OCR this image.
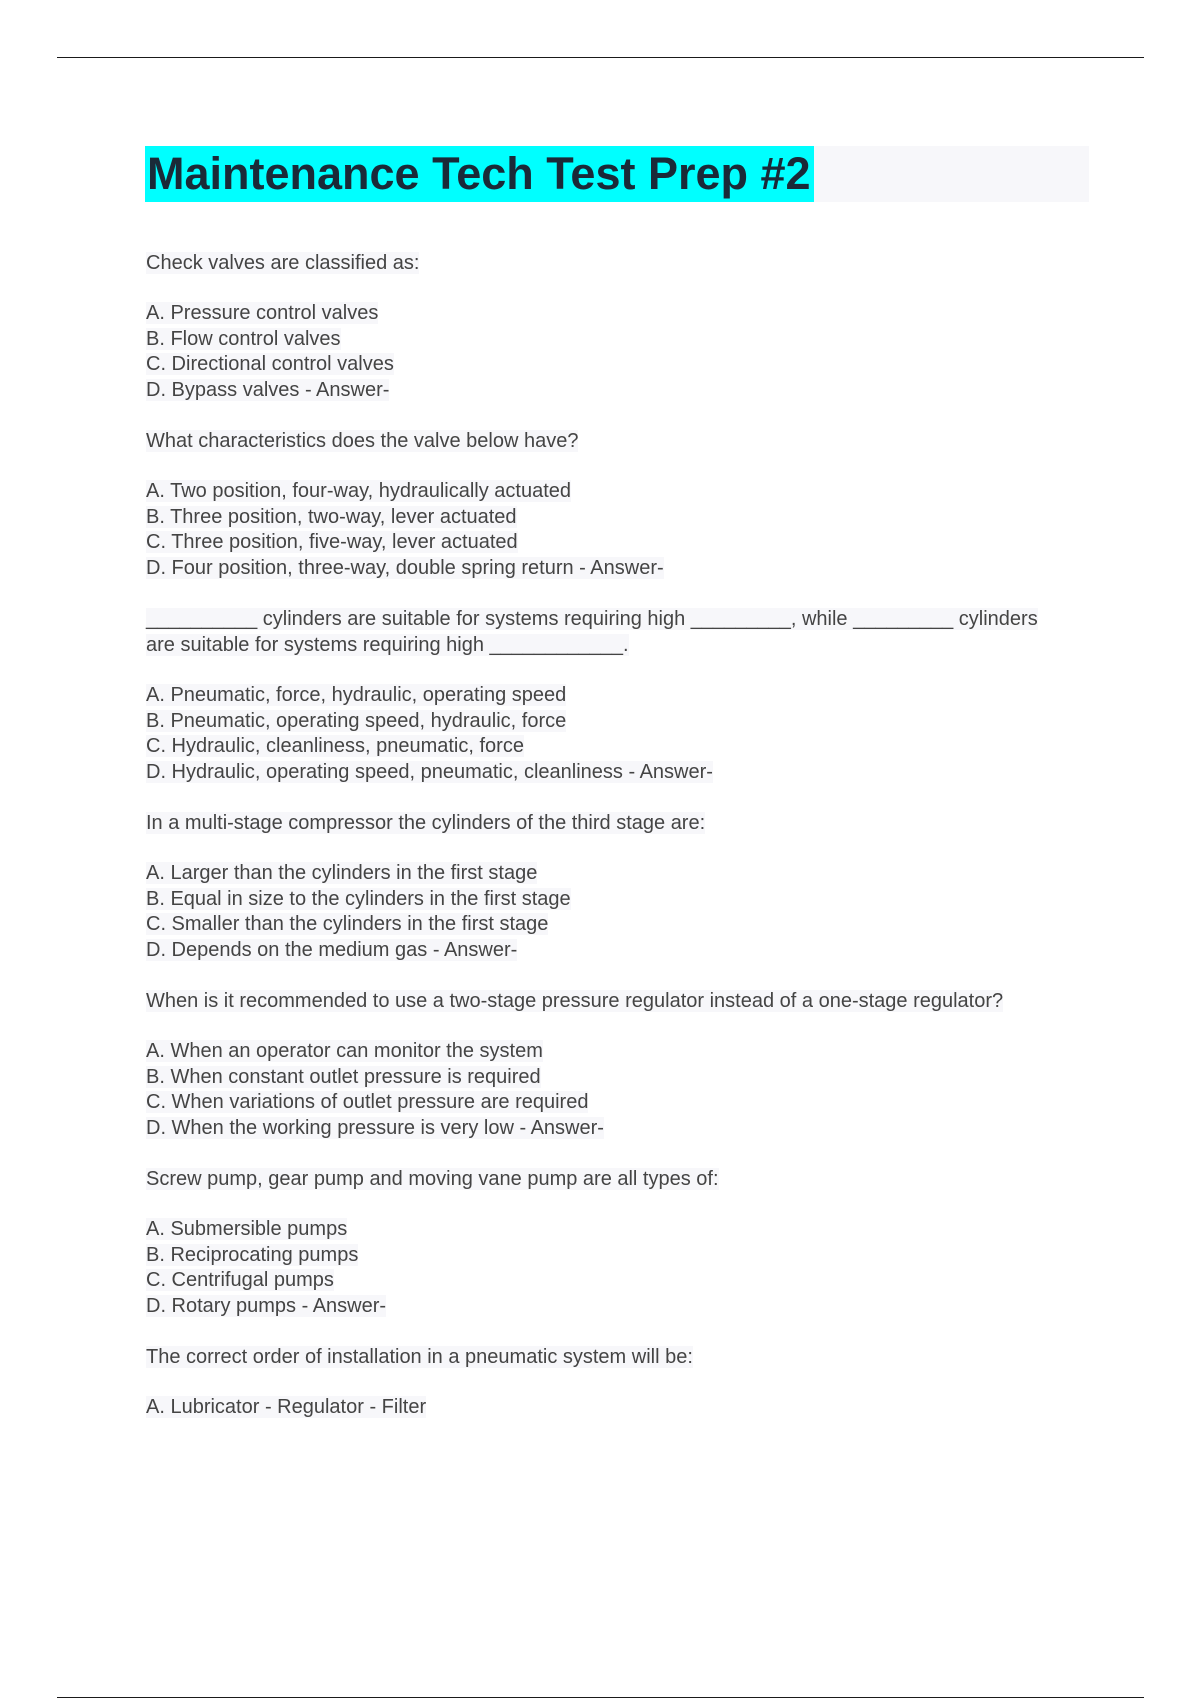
Maintenance Tech Test Prep #2
Check valves are classified as:
A. Pressure control valves
B. Flow control valves
C. Directional control valves
D. Bypass valves - Answer-
What characteristics does the valve below have?
A. Two position, four-way, hydraulically actuated
B. Three position, two-way, lever actuated
C. Three position, five-way, lever actuated
D. Four position, three-way, double spring return - Answer-
__________ cylinders are suitable for systems requiring high _________, while _________ cylinders are suitable for systems requiring high ____________.
A. Pneumatic, force, hydraulic, operating speed
B. Pneumatic, operating speed, hydraulic, force
C. Hydraulic, cleanliness, pneumatic, force
D. Hydraulic, operating speed, pneumatic, cleanliness - Answer-
In a multi-stage compressor the cylinders of the third stage are:
A. Larger than the cylinders in the first stage
B. Equal in size to the cylinders in the first stage
C. Smaller than the cylinders in the first stage
D. Depends on the medium gas - Answer-
When is it recommended to use a two-stage pressure regulator instead of a one-stage regulator?
A. When an operator can monitor the system
B. When constant outlet pressure is required
C. When variations of outlet pressure are required
D. When the working pressure is very low - Answer-
Screw pump, gear pump and moving vane pump are all types of:
A. Submersible pumps
B. Reciprocating pumps
C. Centrifugal pumps
D. Rotary pumps - Answer-
The correct order of installation in a pneumatic system will be:
A. Lubricator - Regulator - Filter
